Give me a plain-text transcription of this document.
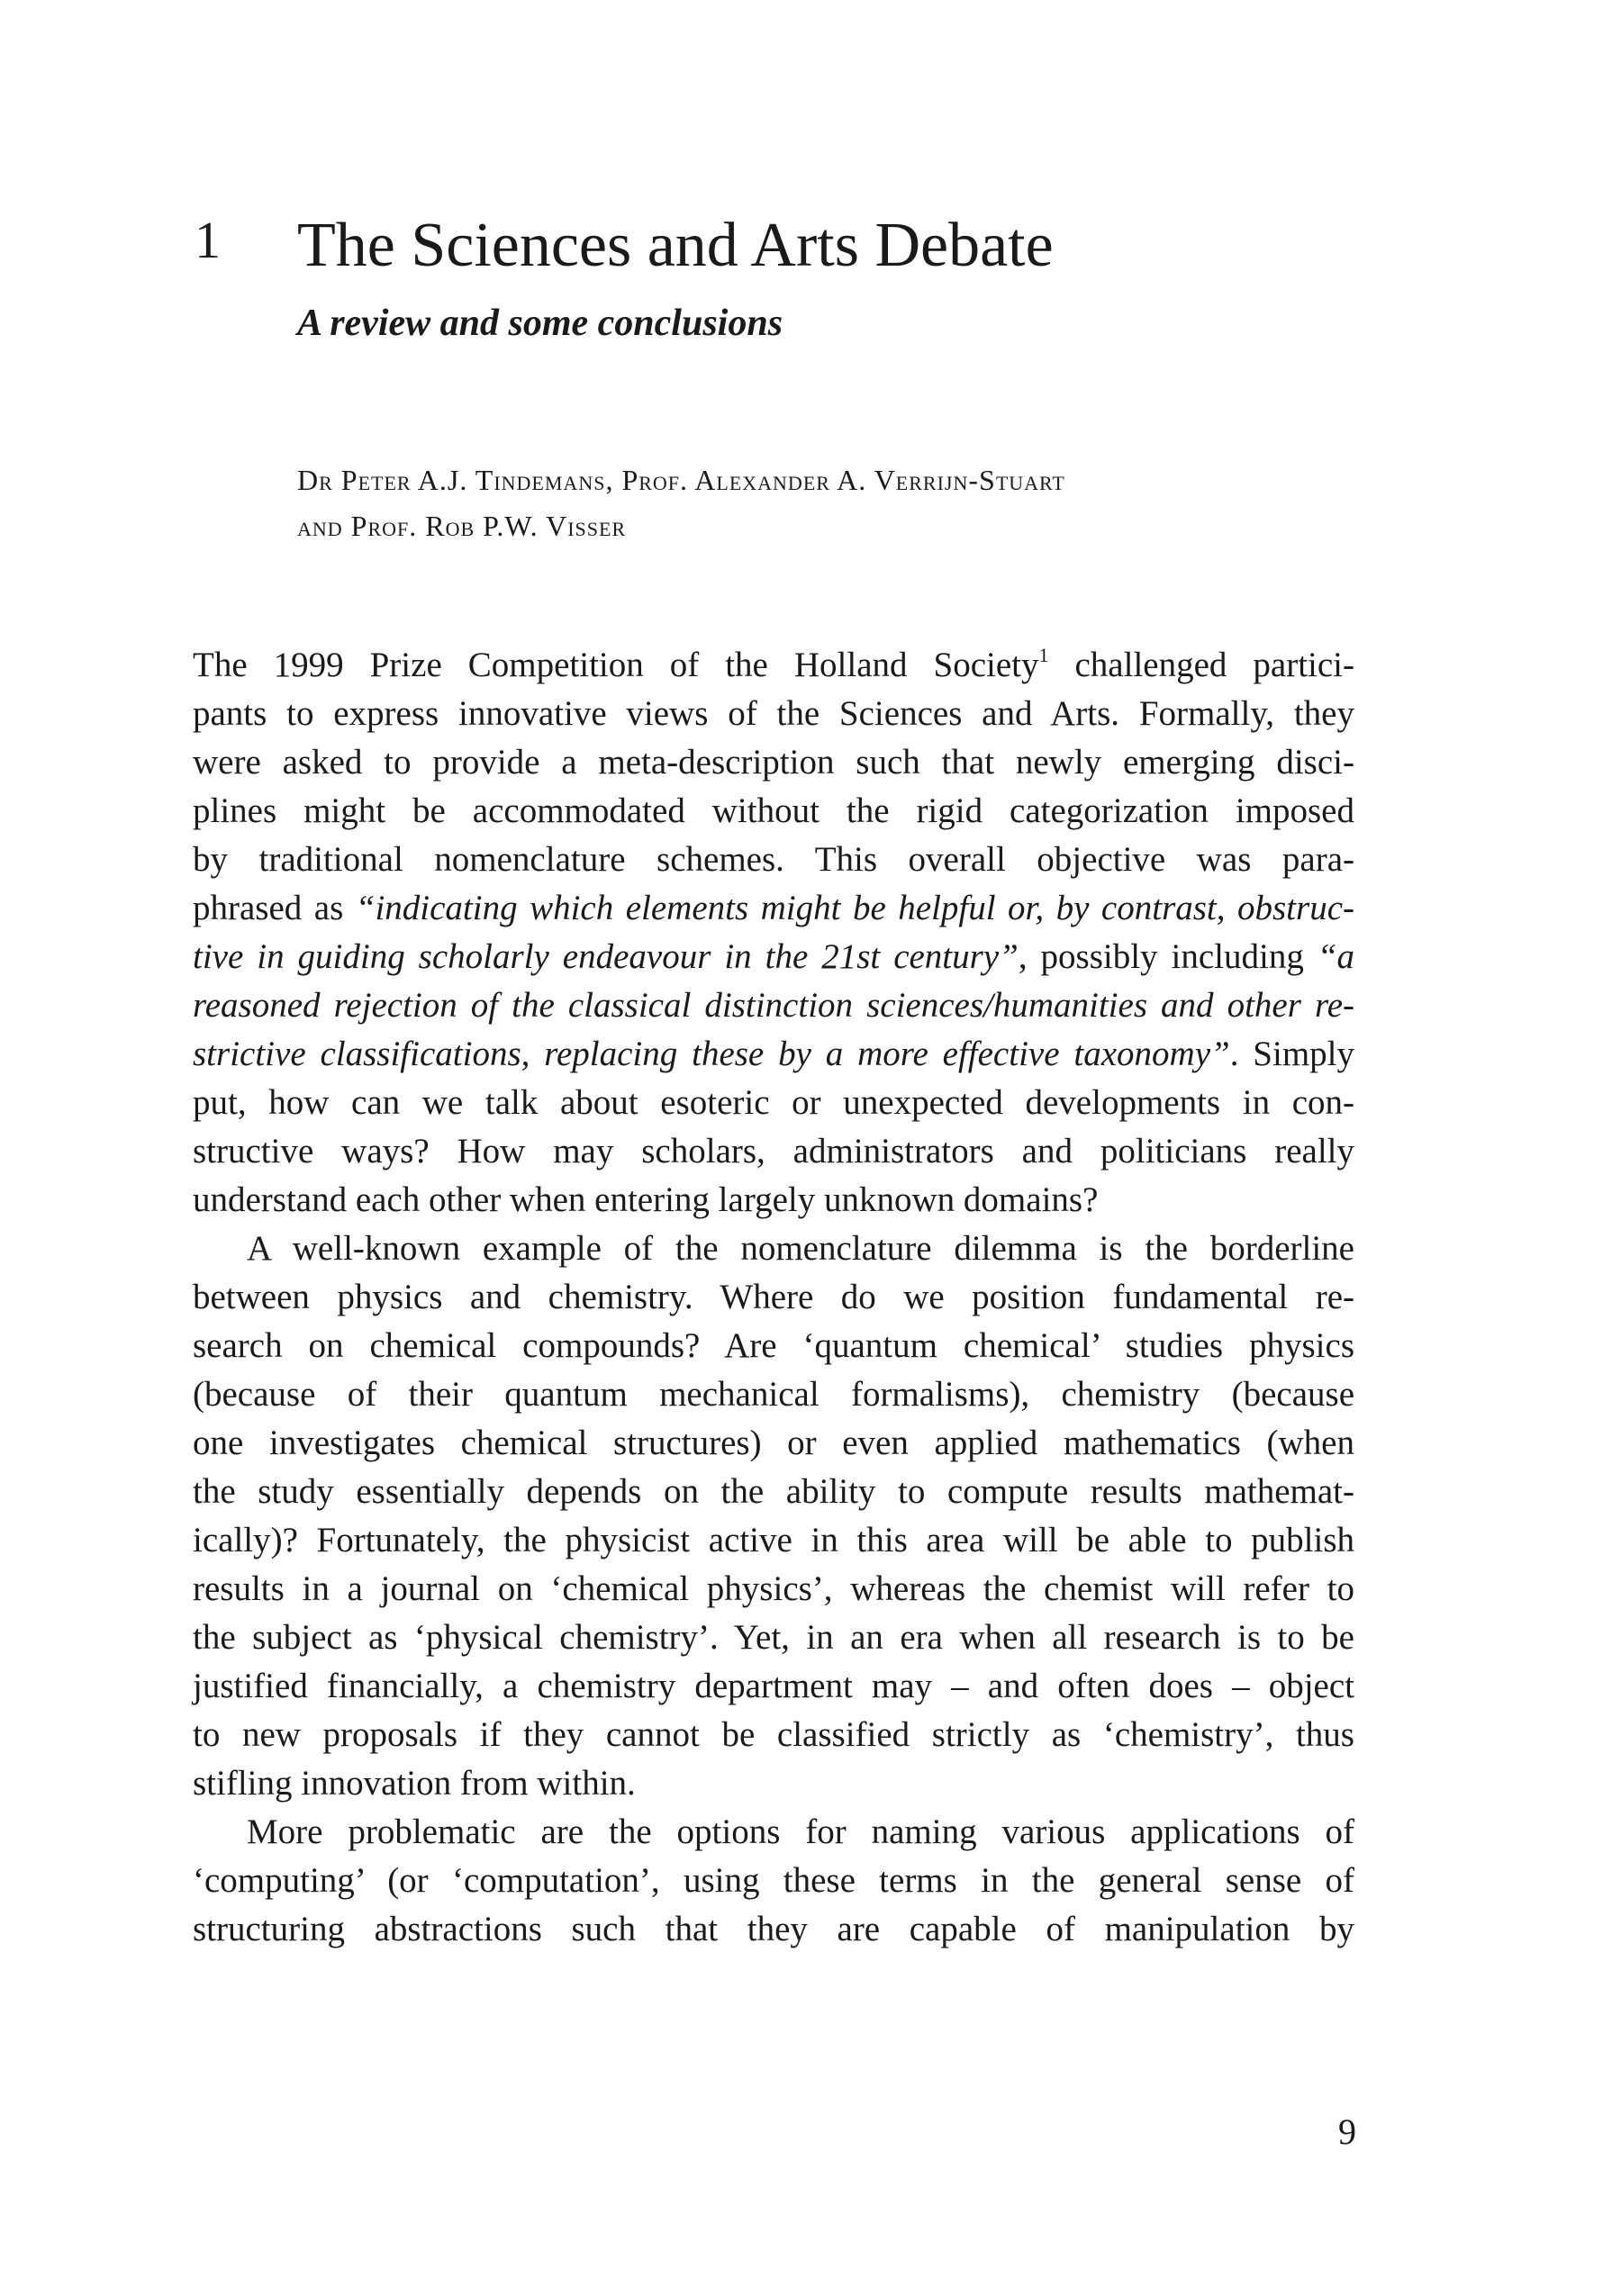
1 The Sciences and Arts Debate
A review and some conclusions
Dr Peter A.J. Tindemans, Prof. Alexander A. Verrijn-Stuart
and Prof. Rob P.W. Visser
The 1999 Prize Competition of the Holland Society$^1$ challenged partici-
pants to express innovative views of the Sciences and Arts. Formally, they
were asked to provide a meta-description such that newly emerging disci-
plines might be accommodated without the rigid categorization imposed
by traditional nomenclature schemes. This overall objective was para-
phrased as “indicating which elements might be helpful or, by contrast, obstruc-
tive in guiding scholarly endeavour in the 21st century”, possibly including “a
reasoned rejection of the classical distinction sciences/humanities and other re-
strictive classifications, replacing these by a more effective taxonomy”. Simply
put, how can we talk about esoteric or unexpected developments in con-
structive ways? How may scholars, administrators and politicians really
understand each other when entering largely unknown domains?
A well-known example of the nomenclature dilemma is the borderline
between physics and chemistry. Where do we position fundamental re-
search on chemical compounds? Are ‘quantum chemical’ studies physics
(because of their quantum mechanical formalisms), chemistry (because
one investigates chemical structures) or even applied mathematics (when
the study essentially depends on the ability to compute results mathemat-
ically)? Fortunately, the physicist active in this area will be able to publish
results in a journal on ‘chemical physics’, whereas the chemist will refer to
the subject as ‘physical chemistry’. Yet, in an era when all research is to be
justified financially, a chemistry department may – and often does – object
to new proposals if they cannot be classified strictly as ‘chemistry’, thus
stifling innovation from within.
More problematic are the options for naming various applications of
‘computing’ (or ‘computation’, using these terms in the general sense of
structuring abstractions such that they are capable of manipulation by
9
